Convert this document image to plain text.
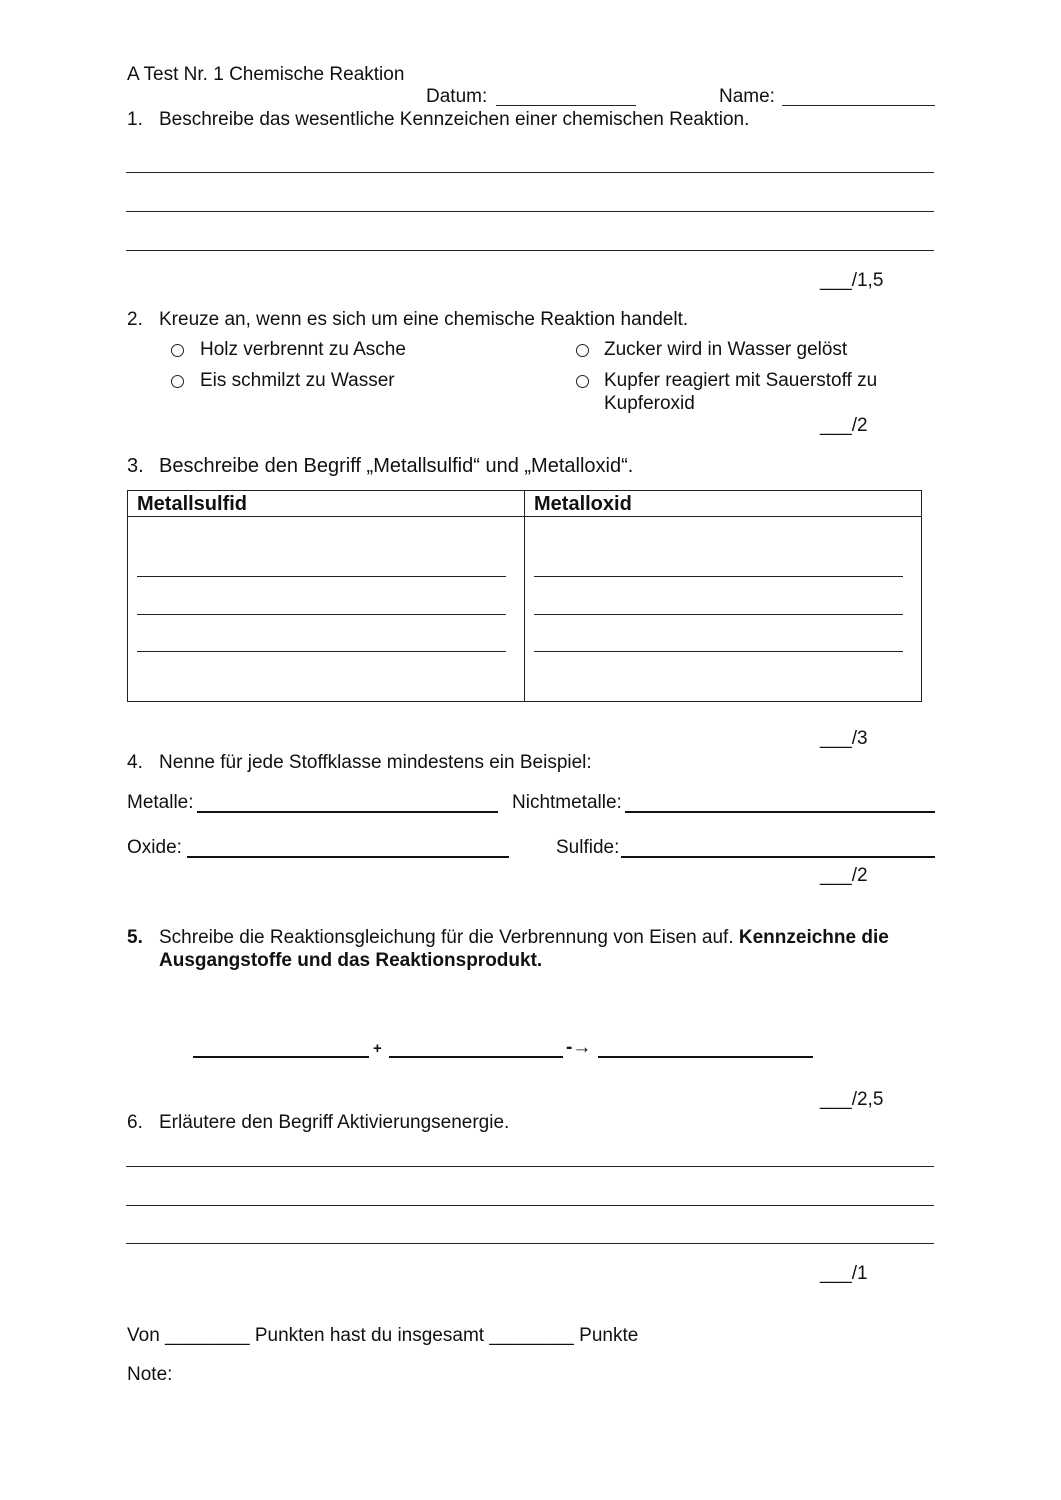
A Test Nr. 1 Chemische Reaktion
Datum:	Name:
1. Beschreibe das wesentliche Kennzeichen einer chemischen Reaktion.
___/1,5
2. Kreuze an, wenn es sich um eine chemische Reaktion handelt.
Holz verbrennt zu Asche	Zucker wird in Wasser gelöst
Eis schmilzt zu Wasser	Kupfer reagiert mit Sauerstoff zu
Kupferoxid
___/2
3. Beschreibe den Begriff „Metallsulfid“ und „Metalloxid“.
Metallsulfid	Metalloxid
___/3
4. Nenne für jede Stoffklasse mindestens ein Beispiel:
Metalle:	Nichtmetalle:
Oxide:	Sulfide:
___/2
5. Schreibe die Reaktionsgleichung für die Verbrennung von Eisen auf. Kennzeichne die
Ausgangstoffe und das Reaktionsprodukt.
+	-→
___/2,5
6. Erläutere den Begriff Aktivierungsenergie.
___/1
Von ________ Punkten hast du insgesamt ________ Punkte
Note:
